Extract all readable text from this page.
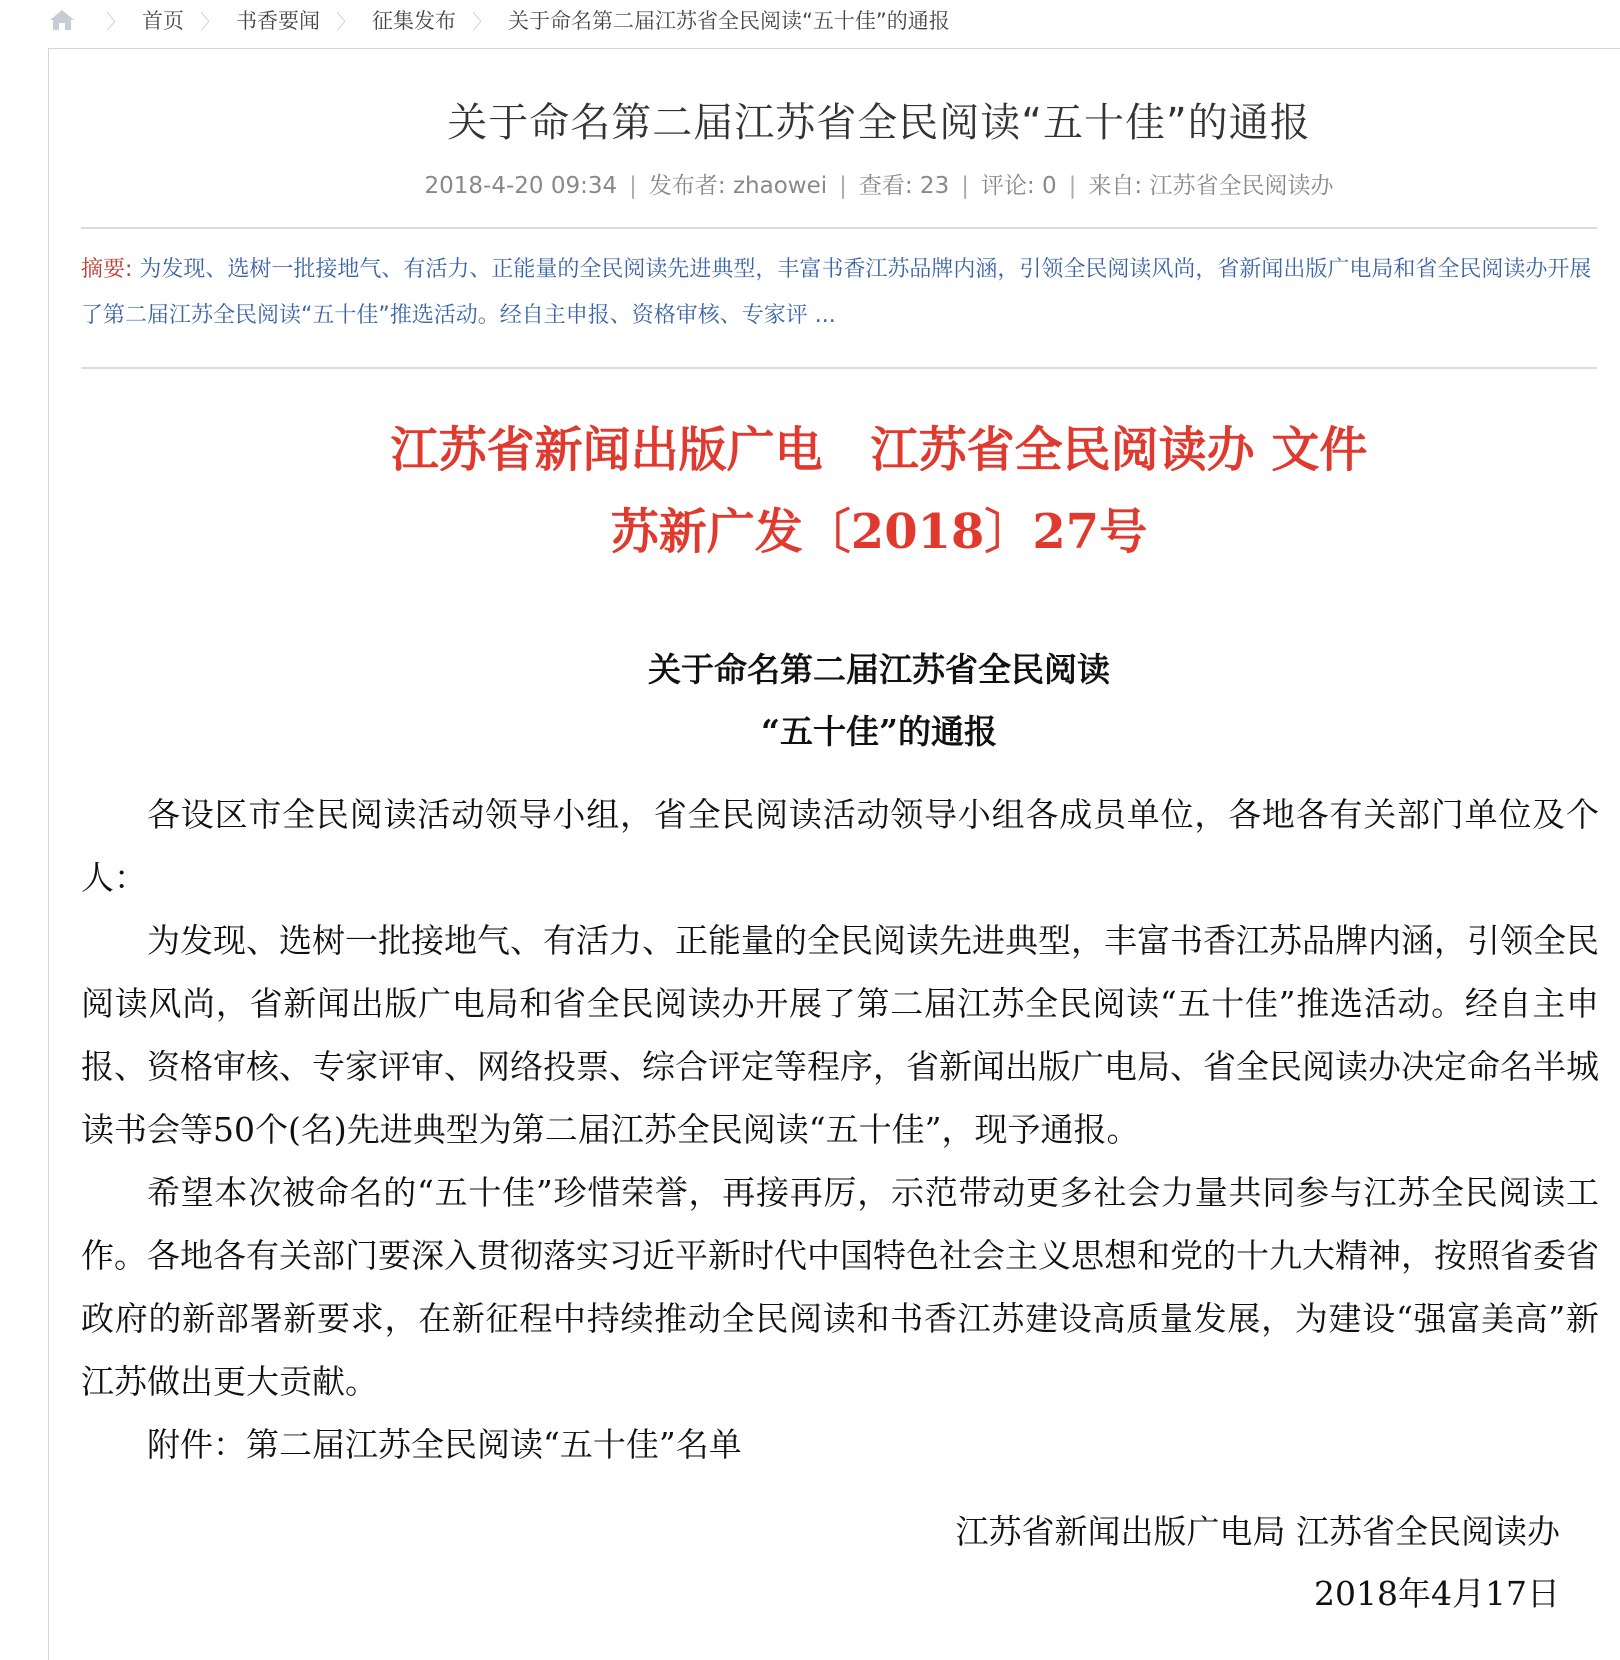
〉 首页 〉 书香要闻 〉 征集发布 〉 关于命名第二届江苏省全民阅读“五十佳”的通报
关于命名第二届江苏省全民阅读“五十佳”的通报
2018-4-20 09:34 | 发布者: zhaowei | 查看: 23 | 评论: 0 | 来自: 江苏省全民阅读办
摘要: 为发现、选树一批接地气、有活力、正能量的全民阅读先进典型，丰富书香江苏品牌内涵，引领全民阅读风尚，省新闻出版广电局和省全民阅读办开展了第二届江苏全民阅读“五十佳”推选活动。经自主申报、资格审核、专家评 ...
江苏省新闻出版广电　江苏省全民阅读办 文件
苏新广发〔2018〕27号
关于命名第二届江苏省全民阅读
“五十佳”的通报

各设区市全民阅读活动领导小组，省全民阅读活动领导小组各成员单位，各地各有关部门单位及个人：

为发现、选树一批接地气、有活力、正能量的全民阅读先进典型，丰富书香江苏品牌内涵，引领全民阅读风尚，省新闻出版广电局和省全民阅读办开展了第二届江苏全民阅读“五十佳”推选活动。经自主申报、资格审核、专家评审、网络投票、综合评定等程序，省新闻出版广电局、省全民阅读办决定命名半城读书会等50个(名)先进典型为第二届江苏全民阅读“五十佳”，现予通报。

希望本次被命名的“五十佳”珍惜荣誉，再接再厉，示范带动更多社会力量共同参与江苏全民阅读工作。各地各有关部门要深入贯彻落实习近平新时代中国特色社会主义思想和党的十九大精神，按照省委省政府的新部署新要求，在新征程中持续推动全民阅读和书香江苏建设高质量发展，为建设“强富美高”新江苏做出更大贡献。

附件：第二届江苏全民阅读“五十佳”名单

江苏省新闻出版广电局 江苏省全民阅读办
2018年4月17日
